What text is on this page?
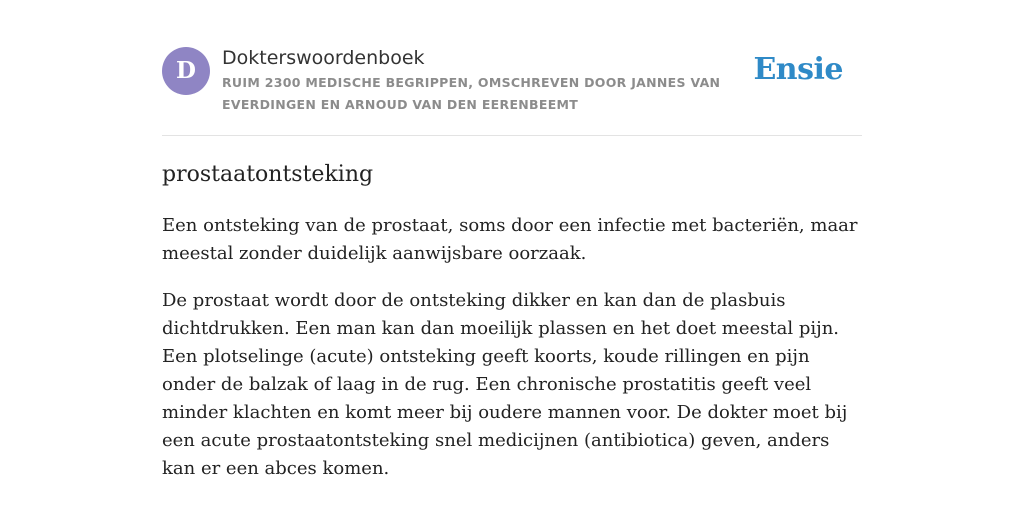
D	Dokterswoordenboek
RUIM 2300 MEDISCHE BEGRIPPEN, OMSCHREVEN DOOR JANNES VAN EVERDINGEN EN ARNOUD VAN DEN EERENBEEMT
Ensie
prostaatontsteking

Een ontsteking van de prostaat, soms door een infectie met bacteriën, maar meestal zonder duidelijk aanwijsbare oorzaak.

De prostaat wordt door de ontsteking dikker en kan dan de plasbuis dichtdrukken. Een man kan dan moeilijk plassen en het doet meestal pijn. Een plotselinge (acute) ontsteking geeft koorts, koude rillingen en pijn onder de balzak of laag in de rug. Een chronische prostatitis geeft veel minder klachten en komt meer bij oudere mannen voor. De dokter moet bij een acute prostaatontsteking snel medicijnen (antibiotica) geven, anders kan er een abces komen.
